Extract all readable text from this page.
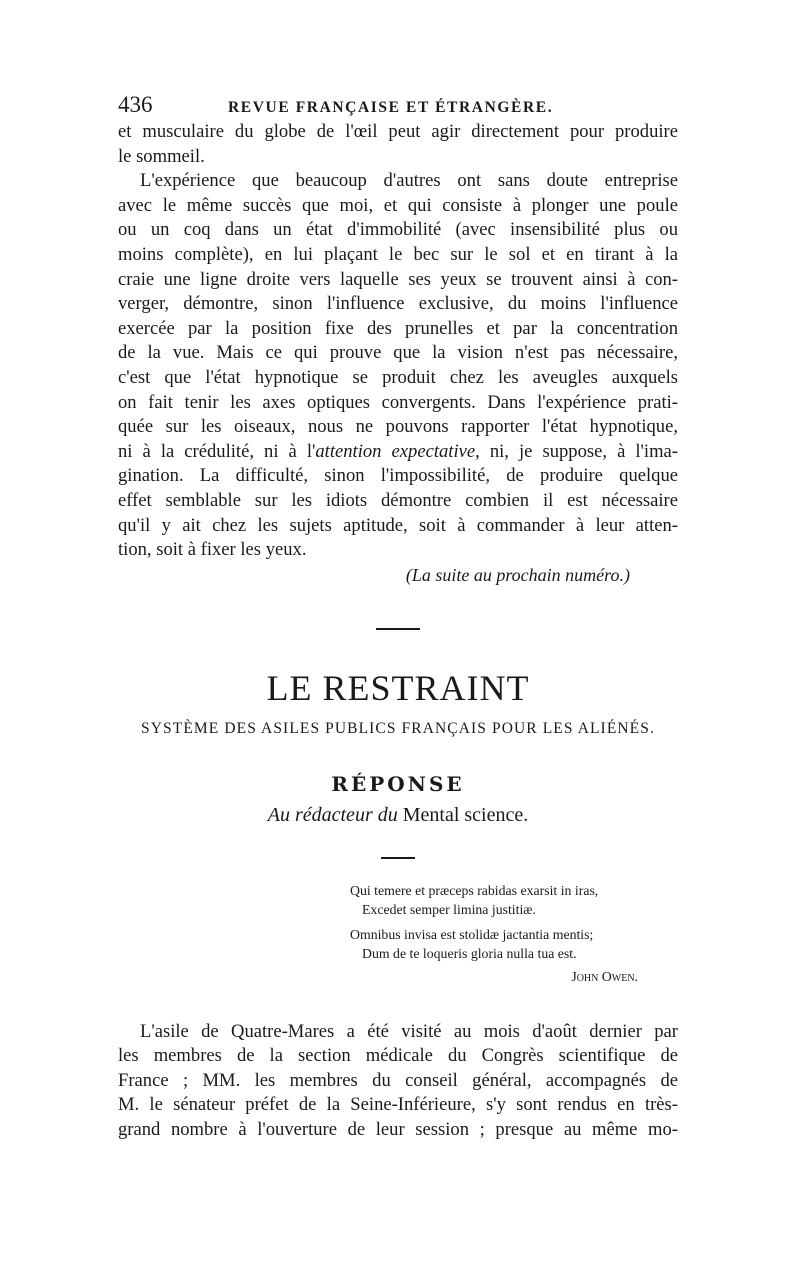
436	REVUE FRANÇAISE ET ÉTRANGÈRE.
et musculaire du globe de l'œil peut agir directement pour produire
le sommeil.
L'expérience que beaucoup d'autres ont sans doute entreprise
avec le même succès que moi, et qui consiste à plonger une poule
ou un coq dans un état d'immobilité (avec insensibilité plus ou
moins complète), en lui plaçant le bec sur le sol et en tirant à la
craie une ligne droite vers laquelle ses yeux se trouvent ainsi à con-
verger, démontre, sinon l'influence exclusive, du moins l'influence
exercée par la position fixe des prunelles et par la concentration
de la vue. Mais ce qui prouve que la vision n'est pas nécessaire,
c'est que l'état hypnotique se produit chez les aveugles auxquels
on fait tenir les axes optiques convergents. Dans l'expérience prati-
quée sur les oiseaux, nous ne pouvons rapporter l'état hypnotique,
ni à la crédulité, ni à l'attention expectative, ni, je suppose, à l'ima-
gination. La difficulté, sinon l'impossibilité, de produire quelque
effet semblable sur les idiots démontre combien il est nécessaire
qu'il y ait chez les sujets aptitude, soit à commander à leur atten-
tion, soit à fixer les yeux.
(La suite au prochain numéro.)
LE RESTRAINT
SYSTÈME DES ASILES PUBLICS FRANÇAIS POUR LES ALIÉNÉS.
RÉPONSE
Au rédacteur du Mental science.
Qui temere et præceps rabidas exarsit in iras,
Excedet semper limina justitiæ.
Omnibus invisa est stolidæ jactantia mentis;
Dum de te loqueris gloria nulla tua est.
John Owen.
L'asile de Quatre-Mares a été visité au mois d'août dernier par
les membres de la section médicale du Congrès scientifique de
France ; MM. les membres du conseil général, accompagnés de
M. le sénateur préfet de la Seine-Inférieure, s'y sont rendus en très-
grand nombre à l'ouverture de leur session ; presque au même mo-
